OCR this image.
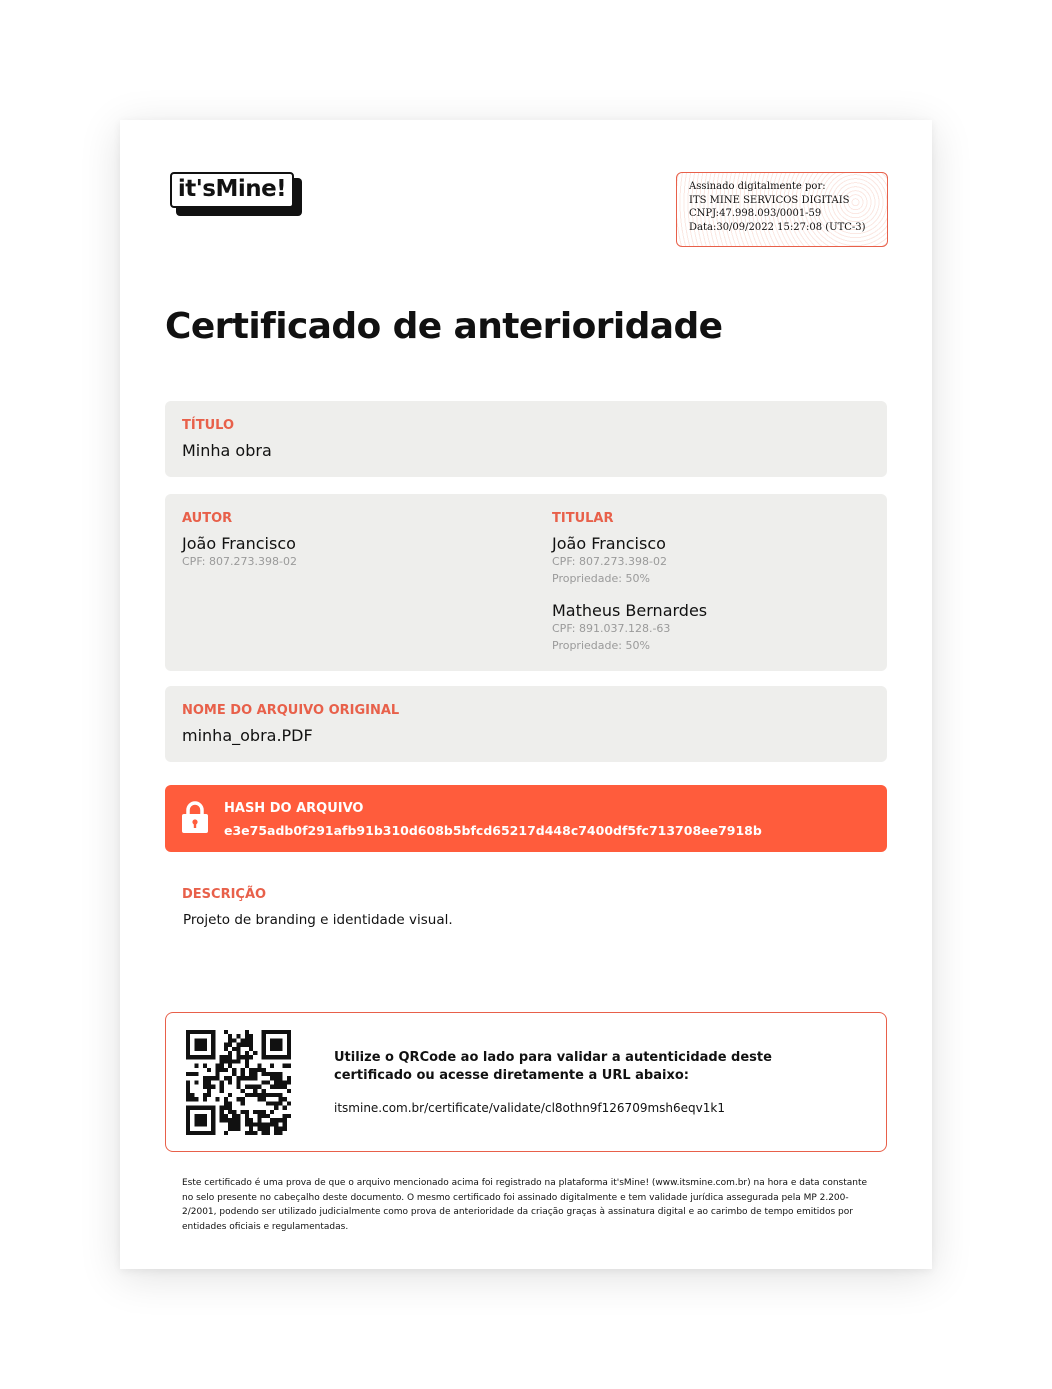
it'sMine!	Assinado digitalmente por:
ITS MINE SERVICOS DIGITAIS
CNPJ:47.998.093/0001-59
Data:30/09/2022 15:27:08 (UTC-3)
Certificado de anterioridade
TÍTULO
Minha obra
AUTOR
João Francisco
CPF: 807.273.398-02
TITULAR
João Francisco
CPF: 807.273.398-02
Propriedade: 50%
Matheus Bernardes
CPF: 891.037.128.-63
Propriedade: 50%
NOME DO ARQUIVO ORIGINAL
minha_obra.PDF
HASH DO ARQUIVO
e3e75adb0f291afb91b310d608b5bfcd65217d448c7400df5fc713708ee7918b
DESCRIÇÃO
Projeto de branding e identidade visual.
Utilize o QRCode ao lado para validar a autenticidade deste certificado ou acesse diretamente a URL abaixo:
itsmine.com.br/certificate/validate/cl8othn9f126709msh6eqv1k1
Este certificado é uma prova de que o arquivo mencionado acima foi registrado na plataforma it'sMine! (www.itsmine.com.br) na hora e data constante no selo presente no cabeçalho deste documento. O mesmo certificado foi assinado digitalmente e tem validade jurídica assegurada pela MP 2.200-2/2001, podendo ser utilizado judicialmente como prova de anterioridade da criação graças à assinatura digital e ao carimbo de tempo emitidos por entidades oficiais e regulamentadas.
